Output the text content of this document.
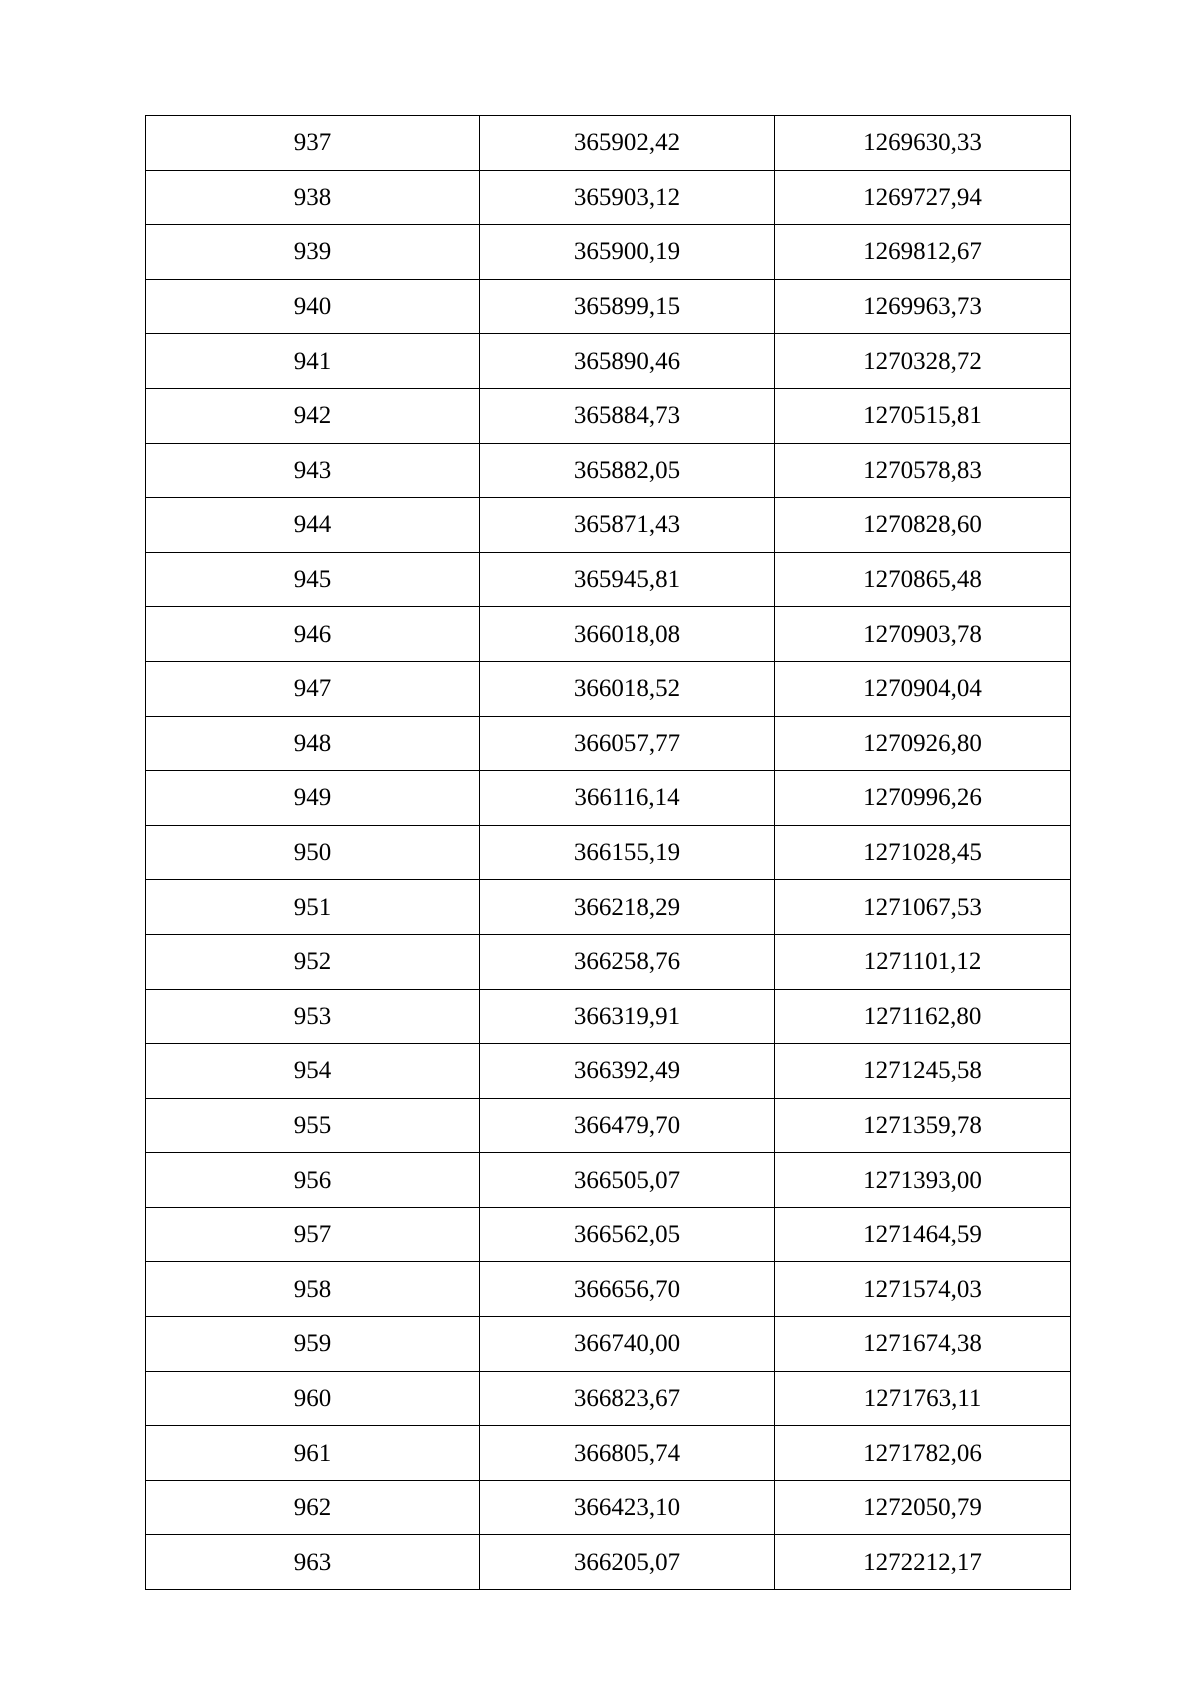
937	365902,42	1269630,33
938	365903,12	1269727,94
939	365900,19	1269812,67
940	365899,15	1269963,73
941	365890,46	1270328,72
942	365884,73	1270515,81
943	365882,05	1270578,83
944	365871,43	1270828,60
945	365945,81	1270865,48
946	366018,08	1270903,78
947	366018,52	1270904,04
948	366057,77	1270926,80
949	366116,14	1270996,26
950	366155,19	1271028,45
951	366218,29	1271067,53
952	366258,76	1271101,12
953	366319,91	1271162,80
954	366392,49	1271245,58
955	366479,70	1271359,78
956	366505,07	1271393,00
957	366562,05	1271464,59
958	366656,70	1271574,03
959	366740,00	1271674,38
960	366823,67	1271763,11
961	366805,74	1271782,06
962	366423,10	1272050,79
963	366205,07	1272212,17
